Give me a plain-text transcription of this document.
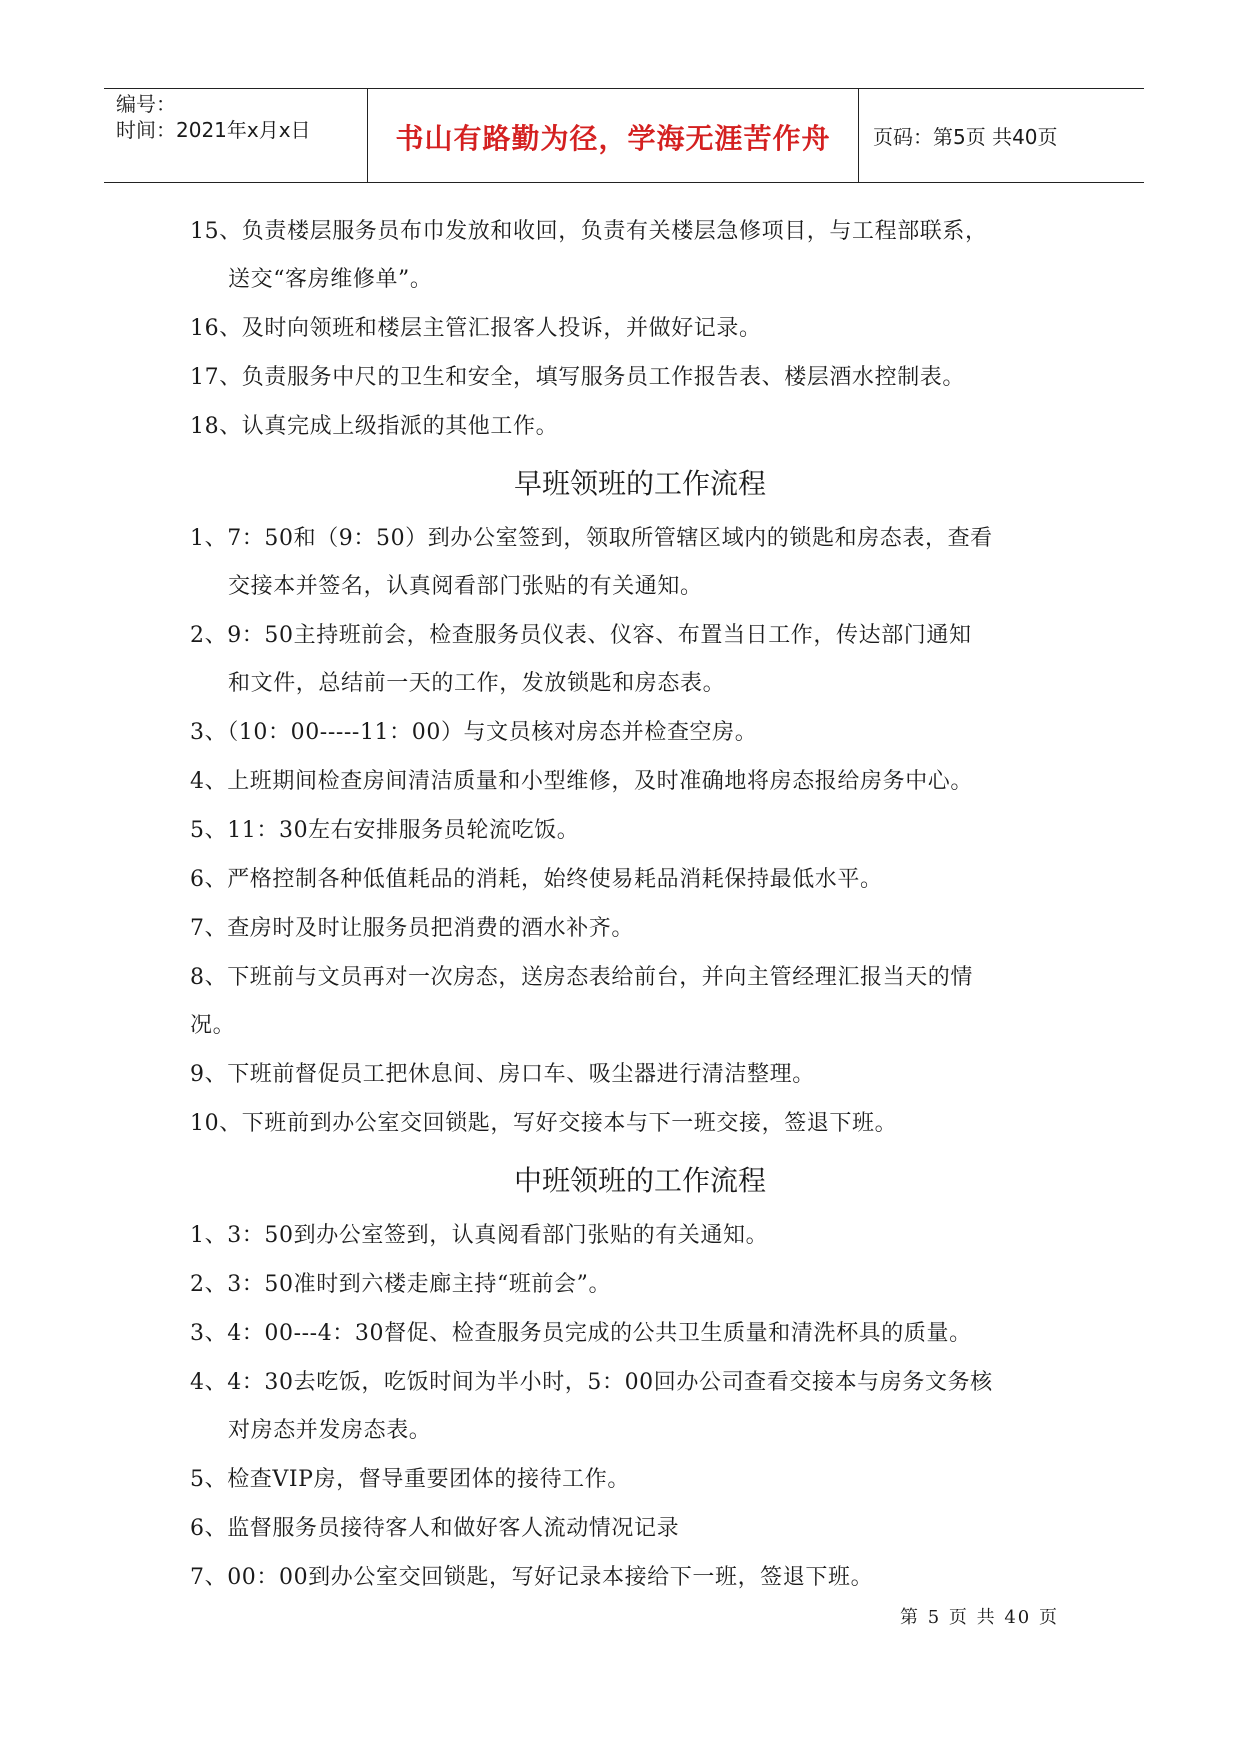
编号：
时间：2021年x月x日	书山有路勤为径，学海无涯苦作舟	页码：第5页 共40页

15、负责楼层服务员布巾发放和收回，负责有关楼层急修项目，与工程部联系，
送交“客房维修单”。

16、及时向领班和楼层主管汇报客人投诉，并做好记录。

17、负责服务中尺的卫生和安全，填写服务员工作报告表、楼层酒水控制表。

18、认真完成上级指派的其他工作。

早班领班的工作流程

1、7：50和（9：50）到办公室签到，领取所管辖区域内的锁匙和房态表，查看
交接本并签名，认真阅看部门张贴的有关通知。

2、9：50主持班前会，检查服务员仪表、仪容、布置当日工作，传达部门通知
和文件，总结前一天的工作，发放锁匙和房态表。

3、（10：00-----11：00）与文员核对房态并检查空房。

4、上班期间检查房间清洁质量和小型维修，及时准确地将房态报给房务中心。

5、11：30左右安排服务员轮流吃饭。

6、严格控制各种低值耗品的消耗，始终使易耗品消耗保持最低水平。

7、查房时及时让服务员把消费的酒水补齐。

8、下班前与文员再对一次房态，送房态表给前台，并向主管经理汇报当天的情
况。

9、下班前督促员工把休息间、房口车、吸尘器进行清洁整理。

10、下班前到办公室交回锁匙，写好交接本与下一班交接，签退下班。

中班领班的工作流程

1、3：50到办公室签到，认真阅看部门张贴的有关通知。

2、3：50准时到六楼走廊主持“班前会”。

3、4：00---4：30督促、检查服务员完成的公共卫生质量和清洗杯具的质量。

4、4：30去吃饭，吃饭时间为半小时，5：00回办公司查看交接本与房务文务核
对房态并发房态表。

5、检查VIP房，督导重要团体的接待工作。

6、监督服务员接待客人和做好客人流动情况记录

7、00：00到办公室交回锁匙，写好记录本接给下一班，签退下班。

第 5 页 共 40 页
